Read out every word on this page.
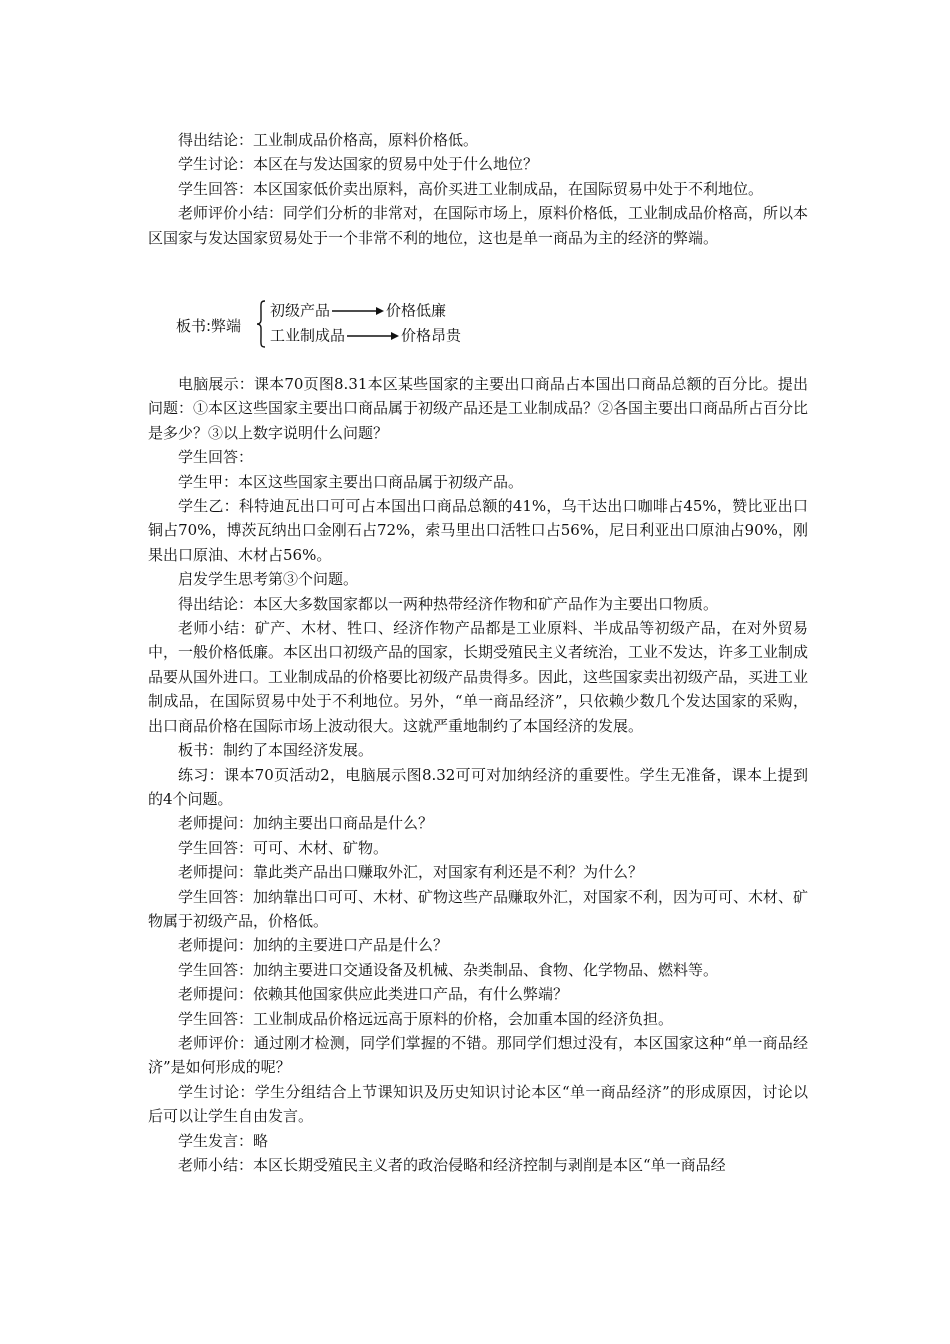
得出结论：工业制成品价格高，原料价格低。

学生讨论：本区在与发达国家的贸易中处于什么地位？

学生回答：本区国家低价卖出原料，高价买进工业制成品，在国际贸易中处于不利地位。

老师评价小结：同学们分析的非常对，在国际市场上，原料价格低，工业制成品价格高，所以本区国家与发达国家贸易处于一个非常不利的地位，这也是单一商品为主的经济的弊端。

板书:弊端
初级产品	价格低廉
工业制成品	价格昂贵

电脑展示：课本70页图8.31本区某些国家的主要出口商品占本国出口商品总额的百分比。提出问题：①本区这些国家主要出口商品属于初级产品还是工业制成品？②各国主要出口商品所占百分比是多少？③以上数字说明什么问题？

学生回答：

学生甲：本区这些国家主要出口商品属于初级产品。

学生乙：科特迪瓦出口可可占本国出口商品总额的41%，乌干达出口咖啡占45%，赞比亚出口铜占70%，博茨瓦纳出口金刚石占72%，索马里出口活牲口占56%，尼日利亚出口原油占90%，刚果出口原油、木材占56%。

启发学生思考第③个问题。

得出结论：本区大多数国家都以一两种热带经济作物和矿产品作为主要出口物质。

老师小结：矿产、木材、牲口、经济作物产品都是工业原料、半成品等初级产品，在对外贸易中，一般价格低廉。本区出口初级产品的国家，长期受殖民主义者统治，工业不发达，许多工业制成品要从国外进口。工业制成品的价格要比初级产品贵得多。因此，这些国家卖出初级产品，买进工业制成品，在国际贸易中处于不利地位。另外，“单一商品经济”，只依赖少数几个发达国家的采购，出口商品价格在国际市场上波动很大。这就严重地制约了本国经济的发展。

板书：制约了本国经济发展。

练习：课本70页活动2，电脑展示图8.32可可对加纳经济的重要性。学生无准备，课本上提到的4个问题。

老师提问：加纳主要出口商品是什么？

学生回答：可可、木材、矿物。

老师提问：靠此类产品出口赚取外汇，对国家有利还是不利？为什么？

学生回答：加纳靠出口可可、木材、矿物这些产品赚取外汇，对国家不利，因为可可、木材、矿物属于初级产品，价格低。

老师提问：加纳的主要进口产品是什么？

学生回答：加纳主要进口交通设备及机械、杂类制品、食物、化学物品、燃料等。

老师提问：依赖其他国家供应此类进口产品，有什么弊端？

学生回答：工业制成品价格远远高于原料的价格，会加重本国的经济负担。

老师评价：通过刚才检测，同学们掌握的不错。那同学们想过没有，本区国家这种“单一商品经济”是如何形成的呢？

学生讨论：学生分组结合上节课知识及历史知识讨论本区“单一商品经济”的形成原因，讨论以后可以让学生自由发言。

学生发言：略

老师小结：本区长期受殖民主义者的政治侵略和经济控制与剥削是本区“单一商品经
